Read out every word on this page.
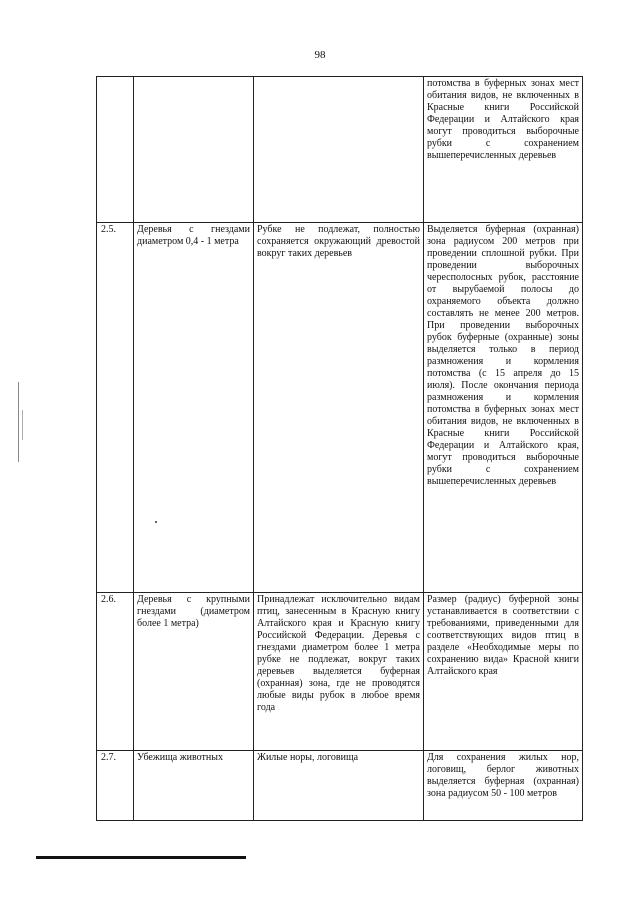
98
			потомства в буферных зонах мест обитания видов, не включенных в Красные книги Российской Федерации и Алтайского края могут проводиться выборочные рубки с сохранением вышеперечисленных деревьев
2.5.	Деревья с гнездами диаметром 0,4 - 1 метра	Рубке не подлежат, полностью сохраняется окружающий древостой вокруг таких деревьев	Выделяется буферная (охранная) зона радиусом 200 метров при проведении сплошной рубки. При проведении выборочных чересполосных рубок, расстояние от вырубаемой полосы до охраняемого объекта должно составлять не менее 200 метров. При проведении выборочных рубок буферные (охранные) зоны выделяется только в период размножения и кормления потомства (с 15 апреля до 15 июля). После окончания периода размножения и кормления потомства в буферных зонах мест обитания видов, не включенных в Красные книги Российской Федерации и Алтайского края, могут проводиться выборочные рубки с сохранением вышеперечисленных деревьев
2.6.	Деревья с крупными гнездами (диаметром более 1 метра)	Принадлежат исключительно видам птиц, занесенным в Красную книгу Алтайского края и Красную книгу Российской Федерации. Деревья с гнездами диаметром более 1 метра рубке не подлежат, вокруг таких деревьев выделяется буферная (охранная) зона, где не проводятся любые виды рубок в любое время года	Размер (радиус) буферной зоны устанавливается в соответствии с требованиями, приведенными для соответствующих видов птиц в разделе «Необходимые меры по сохранению вида» Красной книги Алтайского края
2.7.	Убежища животных	Жилые норы, логовища	Для сохранения жилых нор, логовищ, берлог животных выделяется буферная (охранная) зона радиусом 50 - 100 метров
